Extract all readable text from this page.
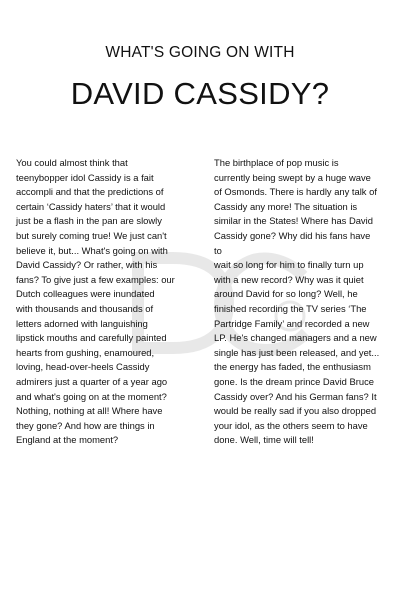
WHAT'S GOING ON WITH
DAVID CASSIDY?
You could almost think that
teenybopper idol Cassidy is a fait
accompli and that the predictions of
certain ‘Cassidy haters’ that it would
just be a flash in the pan are slowly
but surely coming true! We just can't
believe it, but... What's going on with
David Cassidy? Or rather, with his
fans? To give just a few examples: our
Dutch colleagues were inundated
with thousands and thousands of
letters adorned with languishing
lipstick mouths and carefully painted
hearts from gushing, enamoured,
loving, head-over-heels Cassidy
admirers just a quarter of a year ago
and what's going on at the moment?
Nothing, nothing at all! Where have
they gone? And how are things in
England at the moment?
The birthplace of pop music is
currently being swept by a huge wave
of Osmonds. There is hardly any talk of
Cassidy any more! The situation is
similar in the States! Where has David
Cassidy gone? Why did his fans have to
wait so long for him to finally turn up
with a new record? Why was it quiet
around David for so long? Well, he
finished recording the TV series ‘The
Partridge Family’ and recorded a new
LP. He's changed managers and a new
single has just been released, and yet...
the energy has faded, the enthusiasm
gone. Is the dream prince David Bruce
Cassidy over? And his German fans? It
would be really sad if you also dropped
your idol, as the others seem to have
done. Well, time will tell!
